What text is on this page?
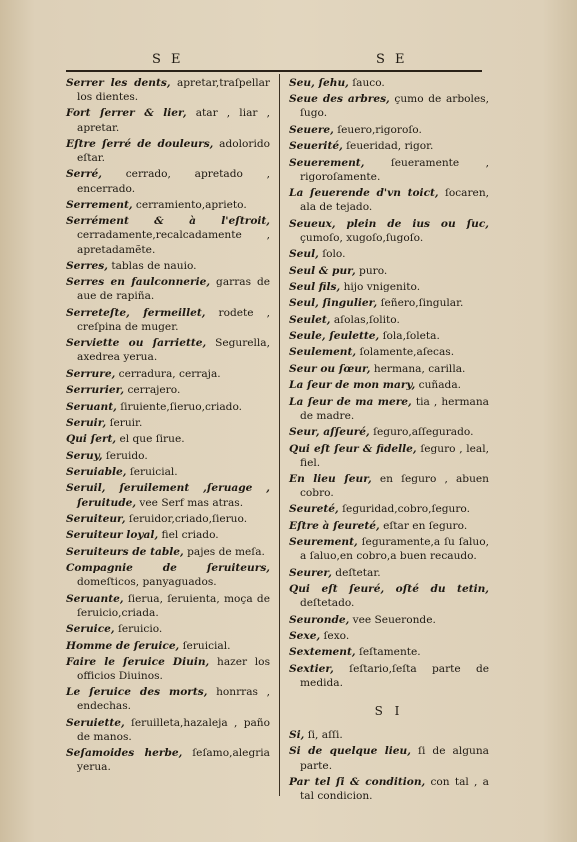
S E	S E

Serrer les dents, apretar,traſpellar los dientes.

Fort ſerrer & lier, atar , liar , apretar.

Eſtre ſerré de douleurs, adolorido eſtar.

Serré, cerrado, apretado , encerrado.

Serrement, cerramiento,aprieto.

Serrément & à l'eſtroit, cerradamente,recalcadamente , apretadamẽte.

Serres, tablas de nauio.

Serres en faulconnerie, garras de aue de rapiña.

Serreteſte, fermeillet, rodete , creſpina de muger.

Serviette ou ſarriette, Segurella, axedrea yerua.

Serrure, cerradura, cerraja.

Serrurier, cerrajero.

Seruant, ſiruiente,ſieruo,criado.

Seruir, ſeruir.

Qui ſert, el que ſirue.

Seruy, ſeruido.

Seruiable, ſeruicial.

Seruil, ſeruilement ,ſeruage , ſeruitude, vee Serf mas atras.

Seruiteur, ſeruidor,criado,ſieruo.

Seruiteur loyal, fiel criado.

Seruiteurs de table, pajes de meſa.

Compagnie de ſeruiteurs, domeſticos, panyaguados.

Seruante, ſierua, ſeruienta, moça de ſeruicio,criada.

Seruice, ſeruicio.

Homme de ſeruice, ſeruicial.

Faire le ſeruice Diuin, hazer los officios Diuinos.

Le ſeruice des morts, honrras , endechas.

Seruiette, ſeruilleta,hazaleja , paño de manos.

Seſamoides herbe, ſeſamo,alegria yerua.

Seu, ſehu, ſauco.

Seue des arbres, çumo de arboles, ſugo.

Seuere, ſeuero,rigoroſo.

Seuerité, ſeueridad, rigor.

Seuerement, ſeueramente , rigoroſamente.

La ſeuerende d'vn toict, ſocaren, ala de tejado.

Seueux, plein de ius ou ſuc, çumoſo, xugoſo,ſugoſo.

Seul, ſolo.

Seul & pur, puro.

Seul fils, hijo vnigenito.

Seul, ſingulier, ſeñero,ſingular.

Seulet, aſolas,ſolito.

Seule, ſeulette, ſola,ſoleta.

Seulement, ſolamente,aſecas.

Seur ou ſœur, hermana, carilla.

La ſeur de mon mary, cuñada.

La ſeur de ma mere, tia , hermana de madre.

Seur, aſſeuré, ſeguro,aſſegurado.

Qui eſt ſeur & fidelle, ſeguro , leal, fiel.

En lieu ſeur, en ſeguro , abuen cobro.

Seureté, ſeguridad,cobro,ſeguro.

Eſtre à ſeureté, eſtar en ſeguro.

Seurement, ſeguramente,a ſu ſaluo, a ſaluo,en cobro,a buen recaudo.

Seurer, deſtetar.

Qui eſt ſeuré, oſté du tetin, deſtetado.

Seuronde, vee Seueronde.

Sexe, ſexo.

Sextement, ſeſtamente.

Sextier, ſeſtario,ſeſta parte de medida.

S I

Si, ſi, aſſi.

Si de quelque lieu, ſi de alguna parte.

Par tel ſi & condition, con tal , a tal condicion.
